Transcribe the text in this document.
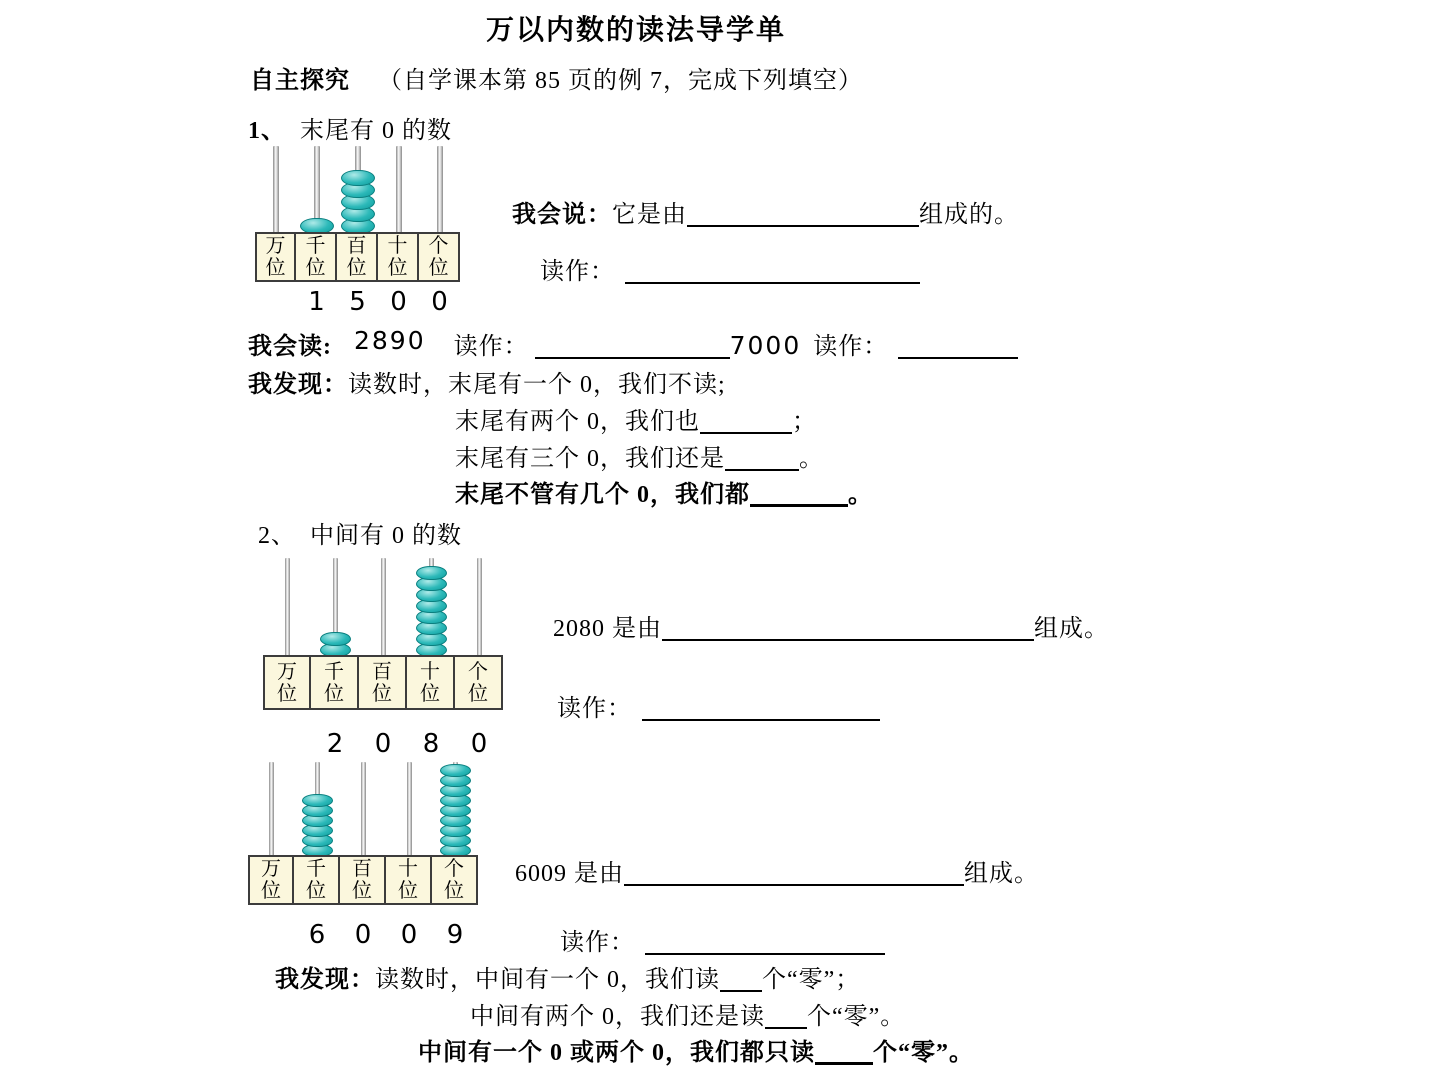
万以内数的读法导学单
自主探究 （自学课本第 85 页的例 7，完成下列填空）
1、 末尾有 0 的数
万
位
千
位
百
位
十
位
个
位
1 5 0 0
我会说：它是由	组成的。
读作：
我会读: 2890 读作：	7000 读作：
我发现：读数时，末尾有一个 0，我们不读;
末尾有两个 0，我们也	；
末尾有三个 0，我们还是	。
末尾不管有几个 0，我们都	。
2、 中间有 0 的数
万
位
千
位
百
位
十
位
个
位
2	0	8	0
2080 是由	组成。
读作：
万
位
千
位
百
位
十
位
个
位
6	0	0	9
6009 是由	组成。
读作：
我发现：读数时，中间有一个 0，我们读 个“零”；
中间有两个 0，我们还是读 个“零”。
中间有一个 0 或两个 0，我们都只读 个“零”。
